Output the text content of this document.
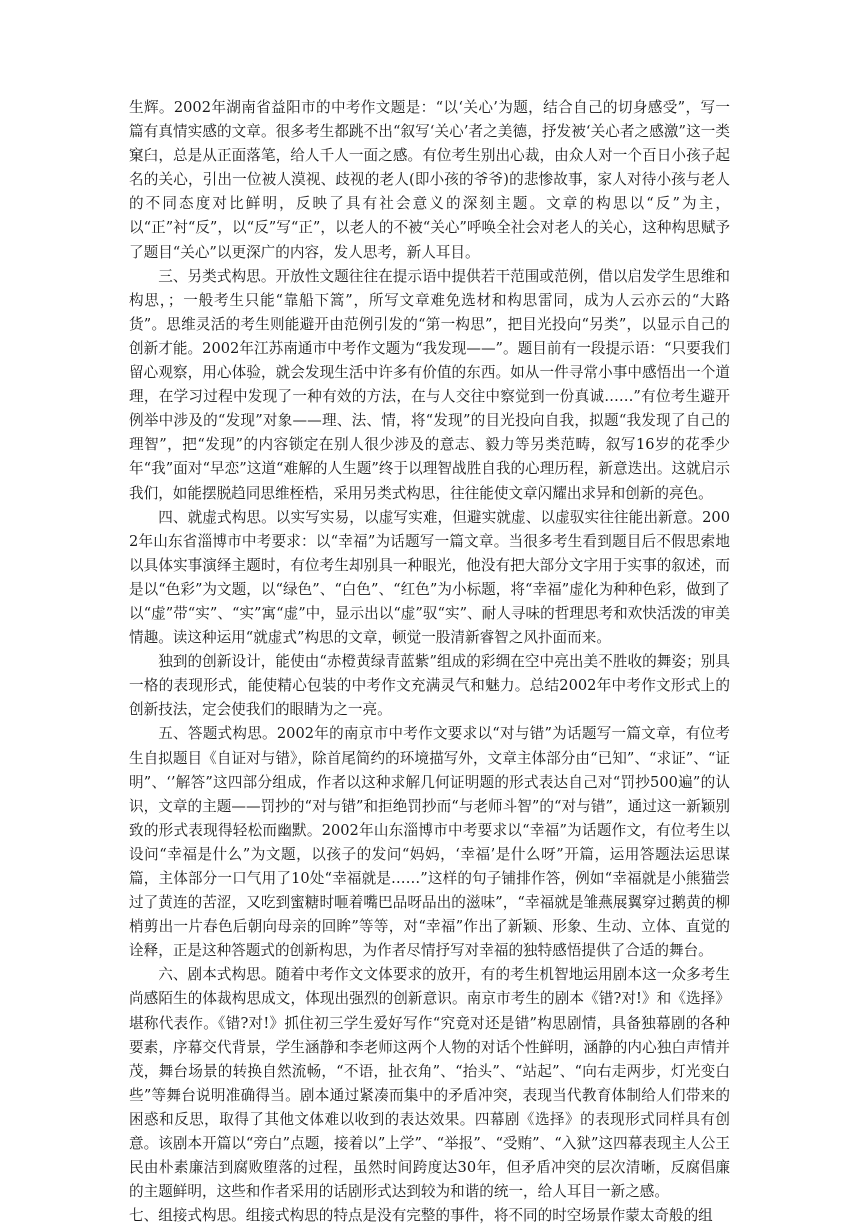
生辉。2002年湖南省益阳市的中考作文题是：“以‘关心’为题，结合自己的切身感受”，写一篇有真情实感的文章。很多考生都跳不出“叙写‘关心’者之美德，抒发被‘关心者之感激”这一类窠臼，总是从正面落笔，给人千人一面之感。有位考生别出心裁，由众人对一个百日小孩子起名的关心，引出一位被人漠视、歧视的老人(即小孩的爷爷)的悲惨故事，家人对待小孩与老人的不同态度对比鲜明，反映了具有社会意义的深刻主题。文章的构思以“反”为主，以“正”衬“反”，以“反”写“正”，以老人的不被“关心”呼唤全社会对老人的关心，这种构思赋予了题目“关心”以更深广的内容，发人思考，新人耳目。

三、另类式构思。开放性文题往往在提示语中提供若干范围或范例，借以启发学生思维和构思，；一般考生只能“靠船下篙”，所写文章难免选材和构思雷同，成为人云亦云的“大路货”。思维灵活的考生则能避开由范例引发的“第一构思”，把目光投向“另类”，以显示自己的创新才能。2002年江苏南通市中考作文题为“我发现——”。题目前有一段提示语：“只要我们留心观察，用心体验，就会发现生活中许多有价值的东西。如从一件寻常小事中感悟出一个道理，在学习过程中发现了一种有效的方法，在与人交往中察觉到一份真诚……”有位考生避开例举中涉及的“发现”对象——理、法、情，将“发现”的目光投向自我，拟题“我发现了自己的理智”，把“发现”的内容锁定在别人很少涉及的意志、毅力等另类范畴，叙写16岁的花季少年“我”面对“早恋”这道“难解的人生题”终于以理智战胜自我的心理历程，新意迭出。这就启示我们，如能摆脱趋同思维桎梏，采用另类式构思，往往能使文章闪耀出求异和创新的亮色。

四、就虚式构思。以实写实易，以虚写实难，但避实就虚、以虚驭实往往能出新意。2002年山东省淄博市中考要求：以“幸福”为话题写一篇文章。当很多考生看到题目后不假思索地以具体实事演绎主题时，有位考生却别具一种眼光，他没有把大部分文字用于实事的叙述，而是以“色彩”为文题，以“绿色”、“白色”、“红色”为小标题，将“幸福”虚化为种种色彩，做到了以“虚”带“实”、“实”寓“虚”中，显示出以“虚”驭“实”、耐人寻味的哲理思考和欢快活泼的审美情趣。读这种运用“就虚式”构思的文章，顿觉一股清新睿智之风扑面而来。

独到的创新设计，能使由“赤橙黄绿青蓝紫”组成的彩绸在空中亮出美不胜收的舞姿；别具一格的表现形式，能使精心包装的中考作文充满灵气和魅力。总结2002年中考作文形式上的创新技法，定会使我们的眼睛为之一亮。

五、答题式构思。2002年的南京市中考作文要求以“对与错”为话题写一篇文章，有位考生自拟题目《自证对与错》，除首尾简约的环境描写外，文章主体部分由“已知”、“求证”、“证明”、‘’解答”这四部分组成，作者以这种求解几何证明题的形式表达自己对“罚抄500遍”的认识，文章的主题——罚抄的“对与错”和拒绝罚抄而“与老师斗智”的“对与错”，通过这一新颖别致的形式表现得轻松而幽默。2002年山东淄博市中考要求以“幸福”为话题作文，有位考生以设问“幸福是什么”为文题，以孩子的发问“妈妈，‘幸福’是什么呀”开篇，运用答题法运思谋篇，主体部分一口气用了10处“幸福就是……”这样的句子铺排作答，例如“幸福就是小熊猫尝过了黄连的苦涩，又吃到蜜糖时咂着嘴巴品呀品出的滋味”，“幸福就是雏燕展翼穿过鹅黄的柳梢剪出一片春色后朝向母亲的回眸”等等，对“幸福”作出了新颖、形象、生动、立体、直觉的诠释，正是这种答题式的创新构思，为作者尽情抒写对幸福的独特感悟提供了合适的舞台。

六、剧本式构思。随着中考作文文体要求的放开，有的考生机智地运用剧本这一众多考生尚感陌生的体裁构思成文，体现出强烈的创新意识。南京市考生的剧本《错?对!》和《选择》堪称代表作。《错?对!》抓住初三学生爱好写作“究竟对还是错”构思剧情，具备独幕剧的各种要素，序幕交代背景，学生涵静和李老师这两个人物的对话个性鲜明，涵静的内心独白声情并茂，舞台场景的转换自然流畅，“不语，扯衣角”、“抬头”、“站起”、“向右走两步，灯光变白些”等舞台说明准确得当。剧本通过紧凑而集中的矛盾冲突，表现当代教育体制给人们带来的困惑和反思，取得了其他文体难以收到的表达效果。四幕剧《选择》的表现形式同样具有创意。该剧本开篇以“旁白”点题，接着以”上学”、“举报”、“受贿”、“入狱”这四幕表现主人公王民由朴素廉洁到腐败堕落的过程，虽然时间跨度达30年，但矛盾冲突的层次清晰，反腐倡廉的主题鲜明，这些和作者采用的话剧形式达到较为和谐的统一，给人耳目一新之感。

七、组接式构思。组接式构思的特点是没有完整的事件，将不同的时空场景作蒙太奇般的组
